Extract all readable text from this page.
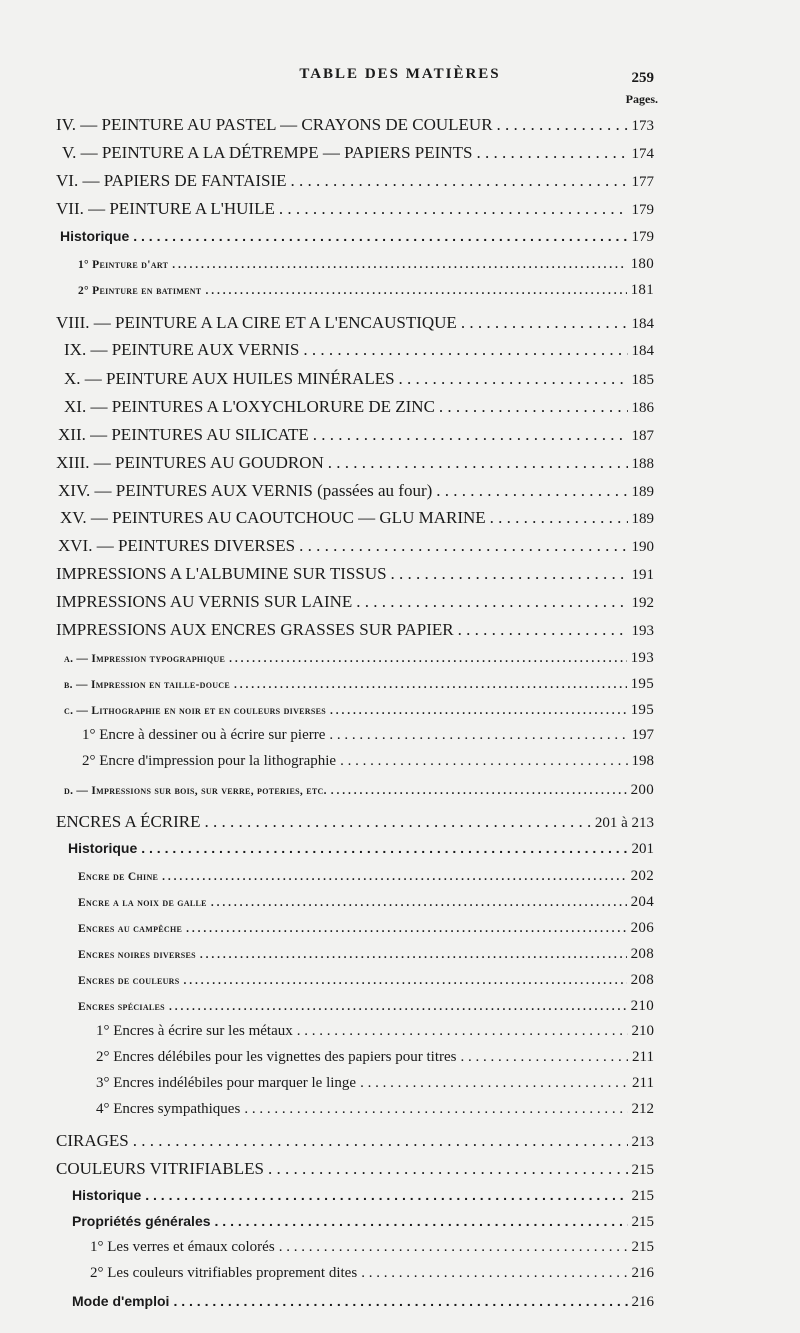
TABLE DES MATIÈRES	259
Pages.
IV. — PEINTURE AU PASTEL — CRAYONS DE COULEUR . . .	173
V. — PEINTURE A LA DÉTREMPE — PAPIERS PEINTS . . .	174
VI. — PAPIERS DE FANTAISIE . . .	177
VII. — PEINTURE A L'HUILE . . .	179
Historique . . .	179
1° Peinture d'art . . .	180
2° Peinture en batiment . . .	181
VIII. — PEINTURE A LA CIRE ET A L'ENCAUSTIQUE . . .	184
IX. — PEINTURE AUX VERNIS . . .	184
X. — PEINTURE AUX HUILES MINÉRALES . . .	185
XI. — PEINTURES A L'OXYCHLORURE DE ZINC . . .	186
XII. — PEINTURES AU SILICATE . . .	187
XIII. — PEINTURES AU GOUDRON . . .	188
XIV. — PEINTURES AUX VERNIS (passées au four) . . .	189
XV. — PEINTURES AU CAOUTCHOUC — GLU MARINE . . .	189
XVI. — PEINTURES DIVERSES . . .	190
IMPRESSIONS A L'ALBUMINE SUR TISSUS . . .	191
IMPRESSIONS AU VERNIS SUR LAINE . . .	192
IMPRESSIONS AUX ENCRES GRASSES SUR PAPIER . . .	193
a. — Impression typographique . . .	193
b. — Impression en taille-douce . . .	195
c. — Lithographie en noir et en couleurs diverses . . .	195
1° Encre à dessiner ou à écrire sur pierre . . .	197
2° Encre d'impression pour la lithographie . . .	198
d. — Impressions sur bois, sur verre, poteries, etc. . . .	200
ENCRES A ÉCRIRE . . .	201 à 213
Historique . . .	201
Encre de Chine . . .	202
Encre a la noix de galle . . .	204
Encres au campêche . . .	206
Encres noires diverses . . .	208
Encres de couleurs . . .	208
Encres spéciales . . .	210
1° Encres à écrire sur les métaux . . .	210
2° Encres délébiles pour les vignettes des papiers pour titres . . .	211
3° Encres indélébiles pour marquer le linge . . .	211
4° Encres sympathiques . . .	212
CIRAGES . . .	213
COULEURS VITRIFIABLES . . .	215
Historique . . .	215
Propriétés générales . . .	215
1° Les verres et émaux colorés . . .	215
2° Les couleurs vitrifiables proprement dites . . .	216
Mode d'emploi . . .	216
